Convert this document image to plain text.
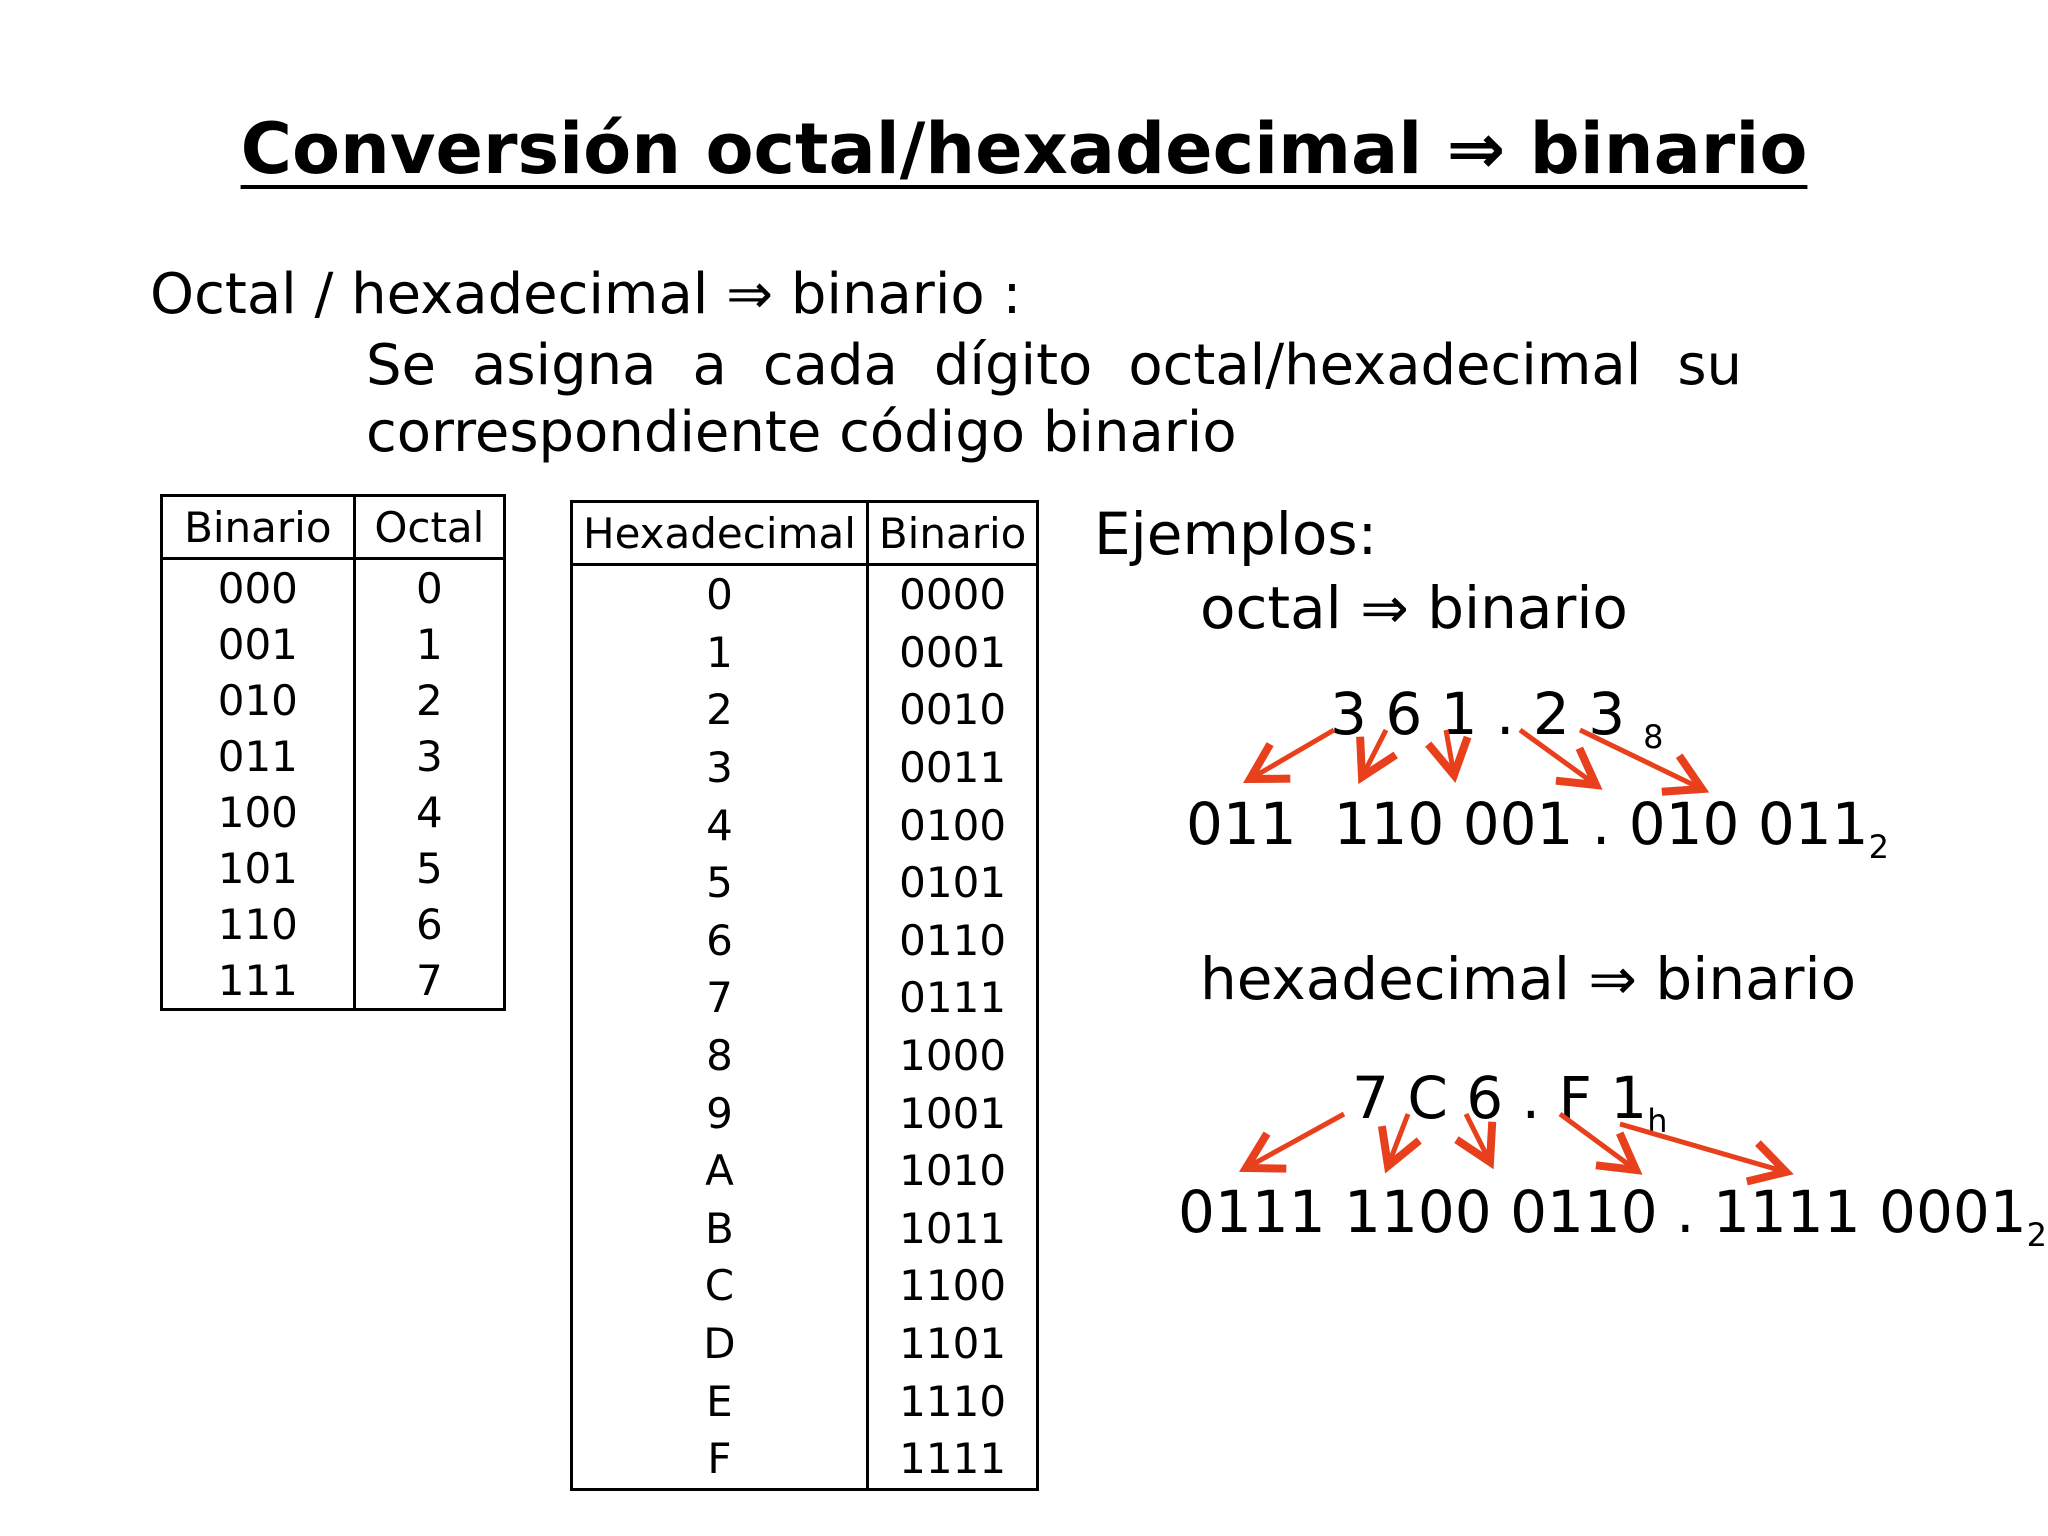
Conversión octal/hexadecimal ⇒ binario
Octal / hexadecimal ⇒ binario :
Se asigna a cada dígito octal/hexadecimal su
correspondiente código binario
Binario	Octal
000	0
001	1
010	2
011	3
100	4
101	5
110	6
111	7
Hexadecimal	Binario
0	0000
1	0001
2	0010
3	0011
4	0100
5	0101
6	0110
7	0111
8	1000
9	1001
A	1010
B	1011
C	1100
D	1101
E	1110
F	1111
Ejemplos:
octal ⇒ binario
3 6 1 . 2 3 $_8$
011  110 001 . 010 $011_2$
hexadecimal ⇒ binario
7 C 6 . F $1_h$
0111 1100 0110 . 1111 $0001_2$
